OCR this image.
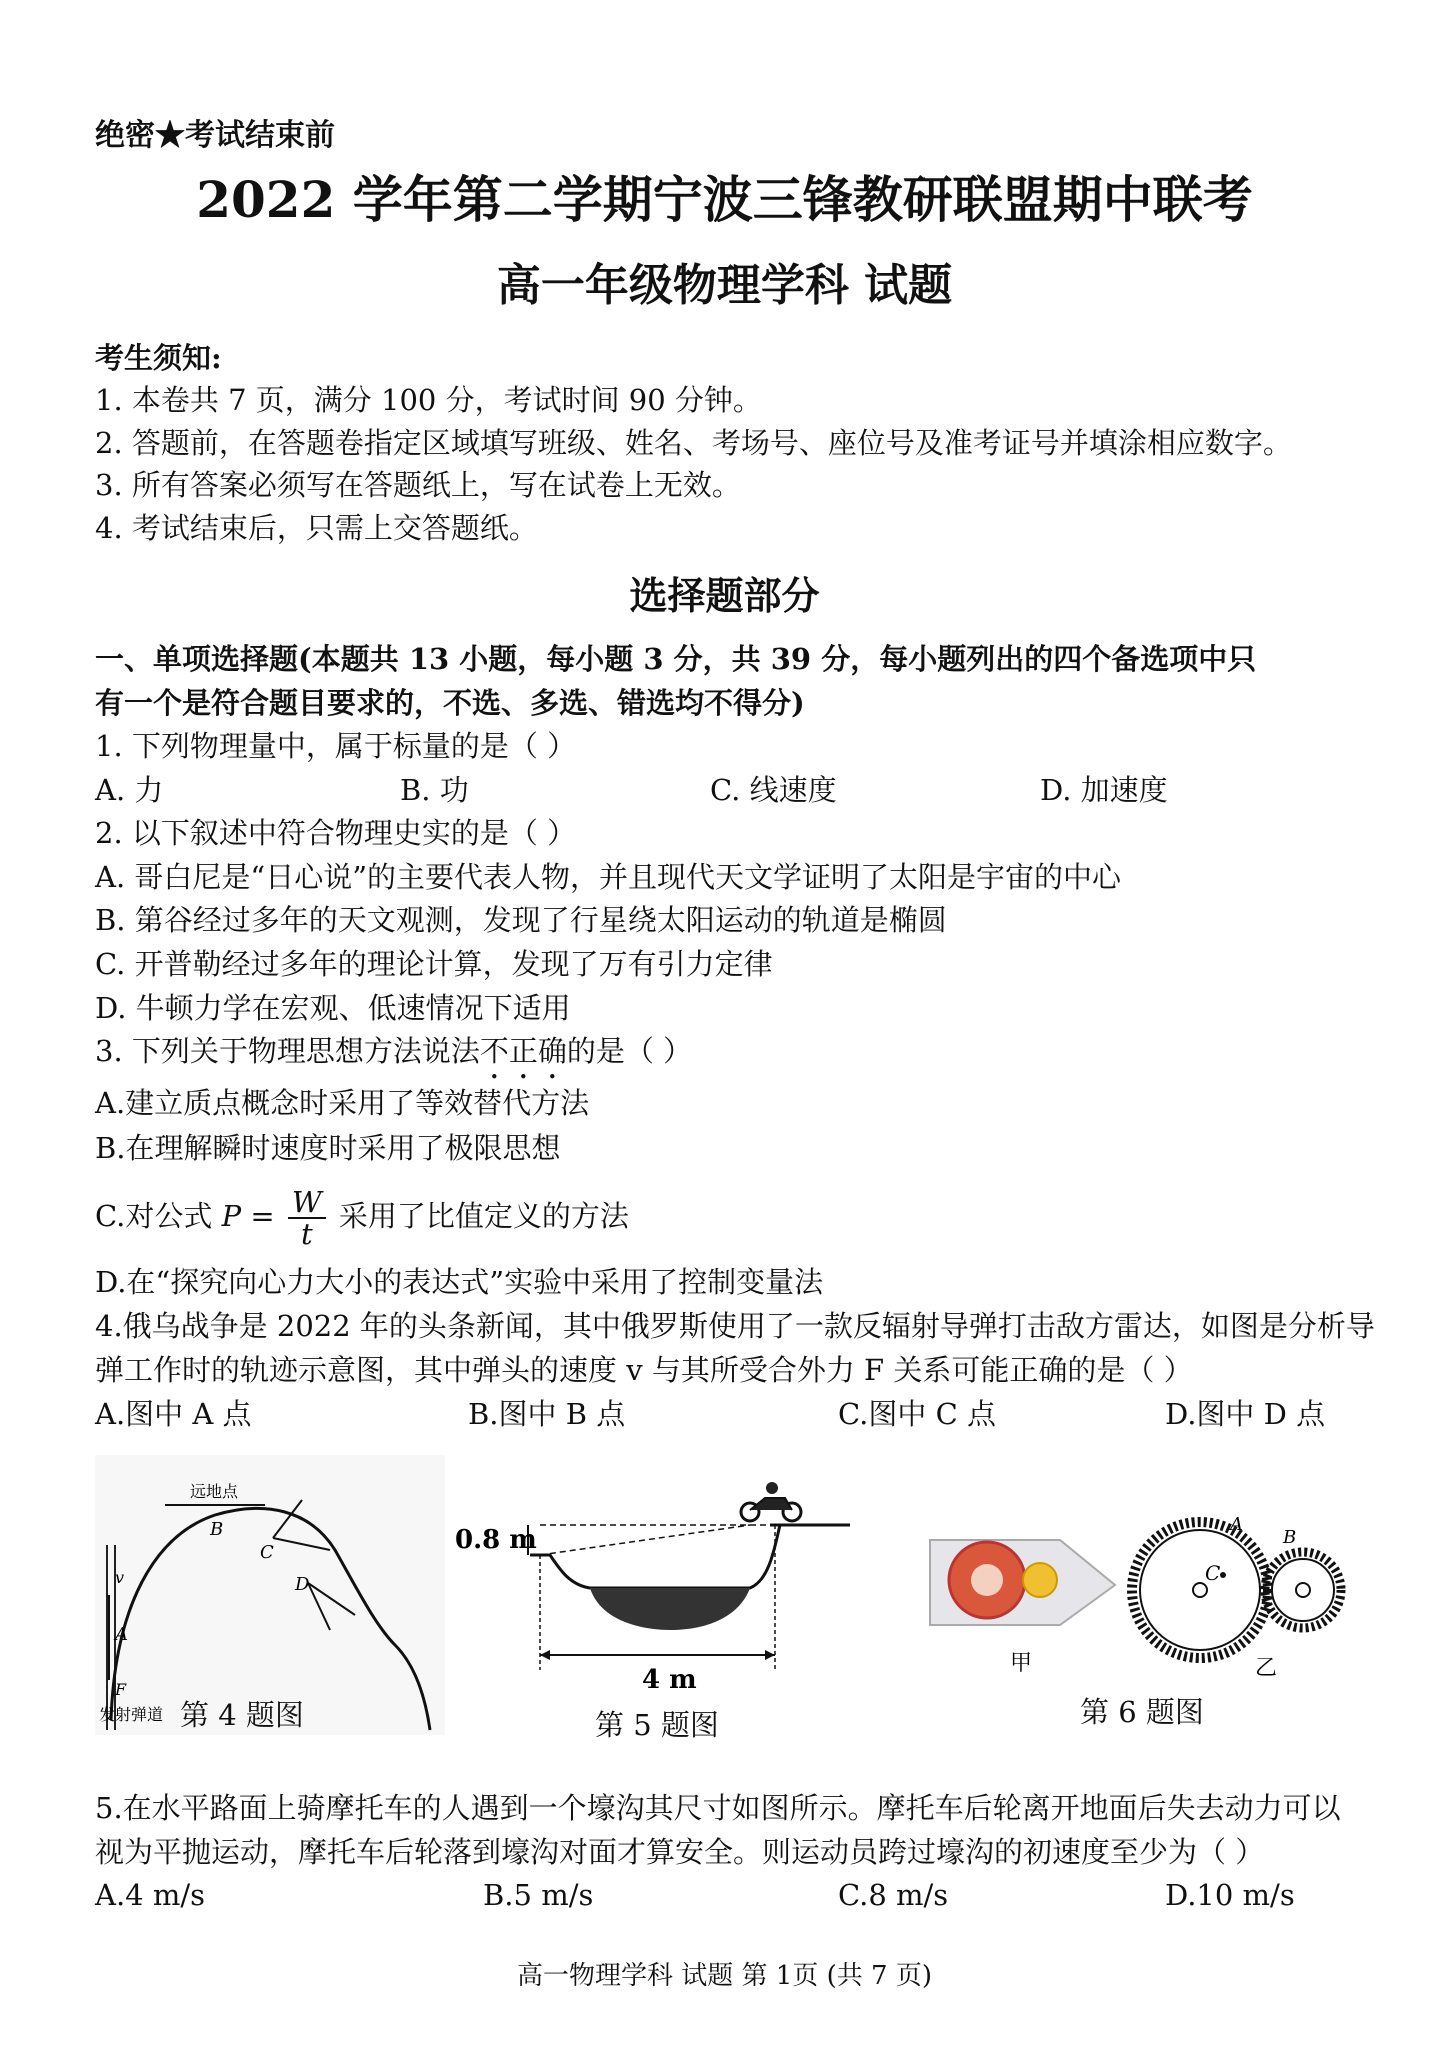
绝密★考试结束前
2022 学年第二学期宁波三锋教研联盟期中联考
高一年级物理学科 试题
考生须知:
1. 本卷共 7 页，满分 100 分，考试时间 90 分钟。
2. 答题前，在答题卷指定区域填写班级、姓名、考场号、座位号及准考证号并填涂相应数字。
3. 所有答案必须写在答题纸上，写在试卷上无效。
4. 考试结束后，只需上交答题纸。
选择题部分
一、单项选择题(本题共 13 小题，每小题 3 分，共 39 分，每小题列出的四个备选项中只
有一个是符合题目要求的，不选、多选、错选均不得分)
1. 下列物理量中，属于标量的是（ ）
A. 力	B. 功	C. 线速度	D. 加速度
2. 以下叙述中符合物理史实的是（ ）
A. 哥白尼是“日心说”的主要代表人物，并且现代天文学证明了太阳是宇宙的中心
B. 第谷经过多年的天文观测，发现了行星绕太阳运动的轨道是椭圆
C. 开普勒经过多年的理论计算，发现了万有引力定律
D. 牛顿力学在宏观、低速情况下适用
3. 下列关于物理思想方法说法不正确的是（ ）
A.建立质点概念时采用了等效替代方法
B.在理解瞬时速度时采用了极限思想
C.对公式 $P = \frac{W}{t}$ 采用了比值定义的方法
D.在“探究向心力大小的表达式”实验中采用了控制变量法
4.俄乌战争是 2022 年的头条新闻，其中俄罗斯使用了一款反辐射导弹打击敌方雷达，如图是分析导
弹工作时的轨迹示意图，其中弹头的速度 v 与其所受合外力 F 关系可能正确的是（ ）
A.图中 A 点	B.图中 B 点	C.图中 C 点	D.图中 D 点
v
A
F
远地点
B
C
D
发射弹道 第 4 题图
0.8 m
4 m
第 5 题图
甲	乙
A
B
C
第 6 题图
5.在水平路面上骑摩托车的人遇到一个壕沟其尺寸如图所示。摩托车后轮离开地面后失去动力可以
视为平抛运动，摩托车后轮落到壕沟对面才算安全。则运动员跨过壕沟的初速度至少为（ ）
A.4 m/s	B.5 m/s	C.8 m/s	D.10 m/s
高一物理学科 试题 第 1页 (共 7 页)
